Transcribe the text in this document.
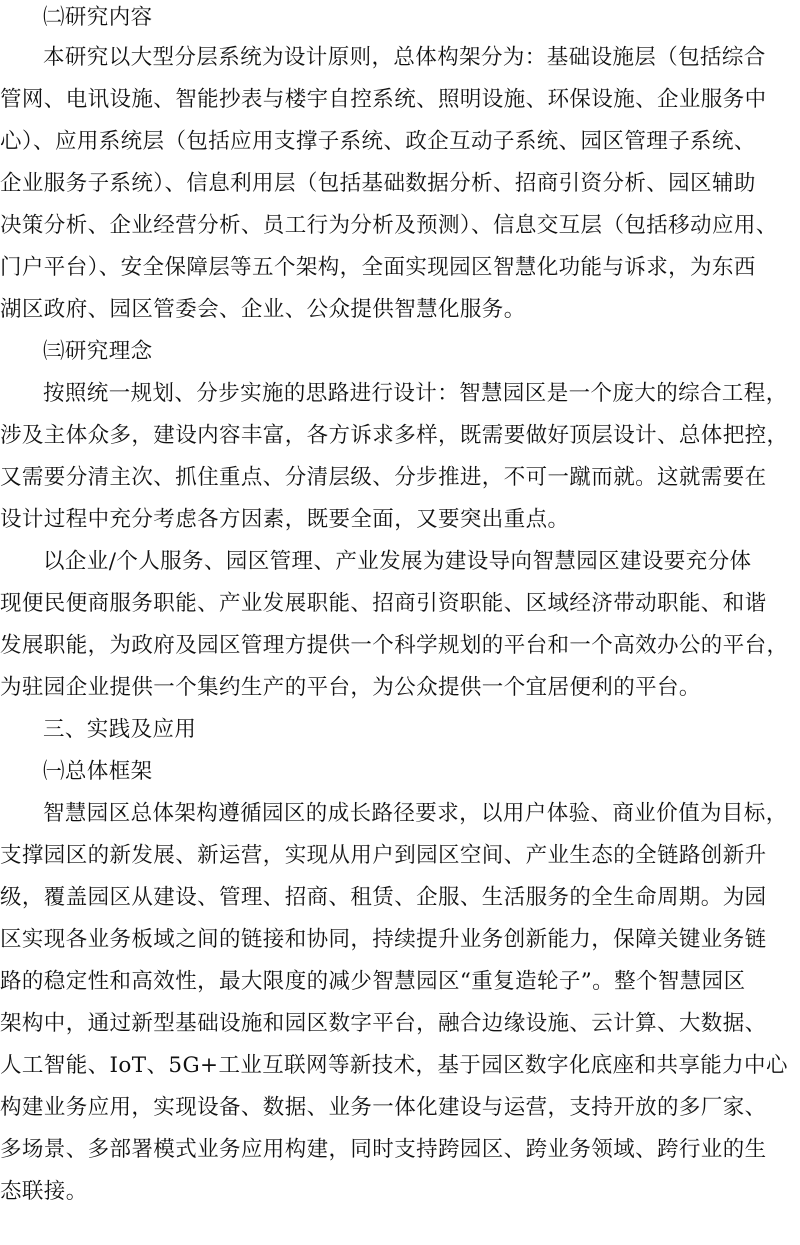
㈡研究内容
本研究以大型分层系统为设计原则，总体构架分为：基础设施层（包括综合
管网、电讯设施、智能抄表与楼宇自控系统、照明设施、环保设施、企业服务中
心）、应用系统层（包括应用支撑子系统、政企互动子系统、园区管理子系统、
企业服务子系统）、信息利用层（包括基础数据分析、招商引资分析、园区辅助
决策分析、企业经营分析、员工行为分析及预测）、信息交互层（包括移动应用、
门户平台）、安全保障层等五个架构，全面实现园区智慧化功能与诉求，为东西
湖区政府、园区管委会、企业、公众提供智慧化服务。
㈢研究理念
按照统一规划、分步实施的思路进行设计：智慧园区是一个庞大的综合工程，
涉及主体众多，建设内容丰富，各方诉求多样，既需要做好顶层设计、总体把控，
又需要分清主次、抓住重点、分清层级、分步推进，不可一蹴而就。这就需要在
设计过程中充分考虑各方因素，既要全面，又要突出重点。
以企业/个人服务、园区管理、产业发展为建设导向智慧园区建设要充分体
现便民便商服务职能、产业发展职能、招商引资职能、区域经济带动职能、和谐
发展职能，为政府及园区管理方提供一个科学规划的平台和一个高效办公的平台，
为驻园企业提供一个集约生产的平台，为公众提供一个宜居便利的平台。
三、实践及应用
㈠总体框架
智慧园区总体架构遵循园区的成长路径要求，以用户体验、商业价值为目标，
支撑园区的新发展、新运营，实现从用户到园区空间、产业生态的全链路创新升
级，覆盖园区从建设、管理、招商、租赁、企服、生活服务的全生命周期。为园
区实现各业务板域之间的链接和协同，持续提升业务创新能力，保障关键业务链
路的稳定性和高效性，最大限度的减少智慧园区“重复造轮子”。整个智慧园区
架构中，通过新型基础设施和园区数字平台，融合边缘设施、云计算、大数据、
人工智能、IoT、5G+工业互联网等新技术，基于园区数字化底座和共享能力中心
构建业务应用，实现设备、数据、业务一体化建设与运营，支持开放的多厂家、
多场景、多部署模式业务应用构建，同时支持跨园区、跨业务领域、跨行业的生
态联接。
